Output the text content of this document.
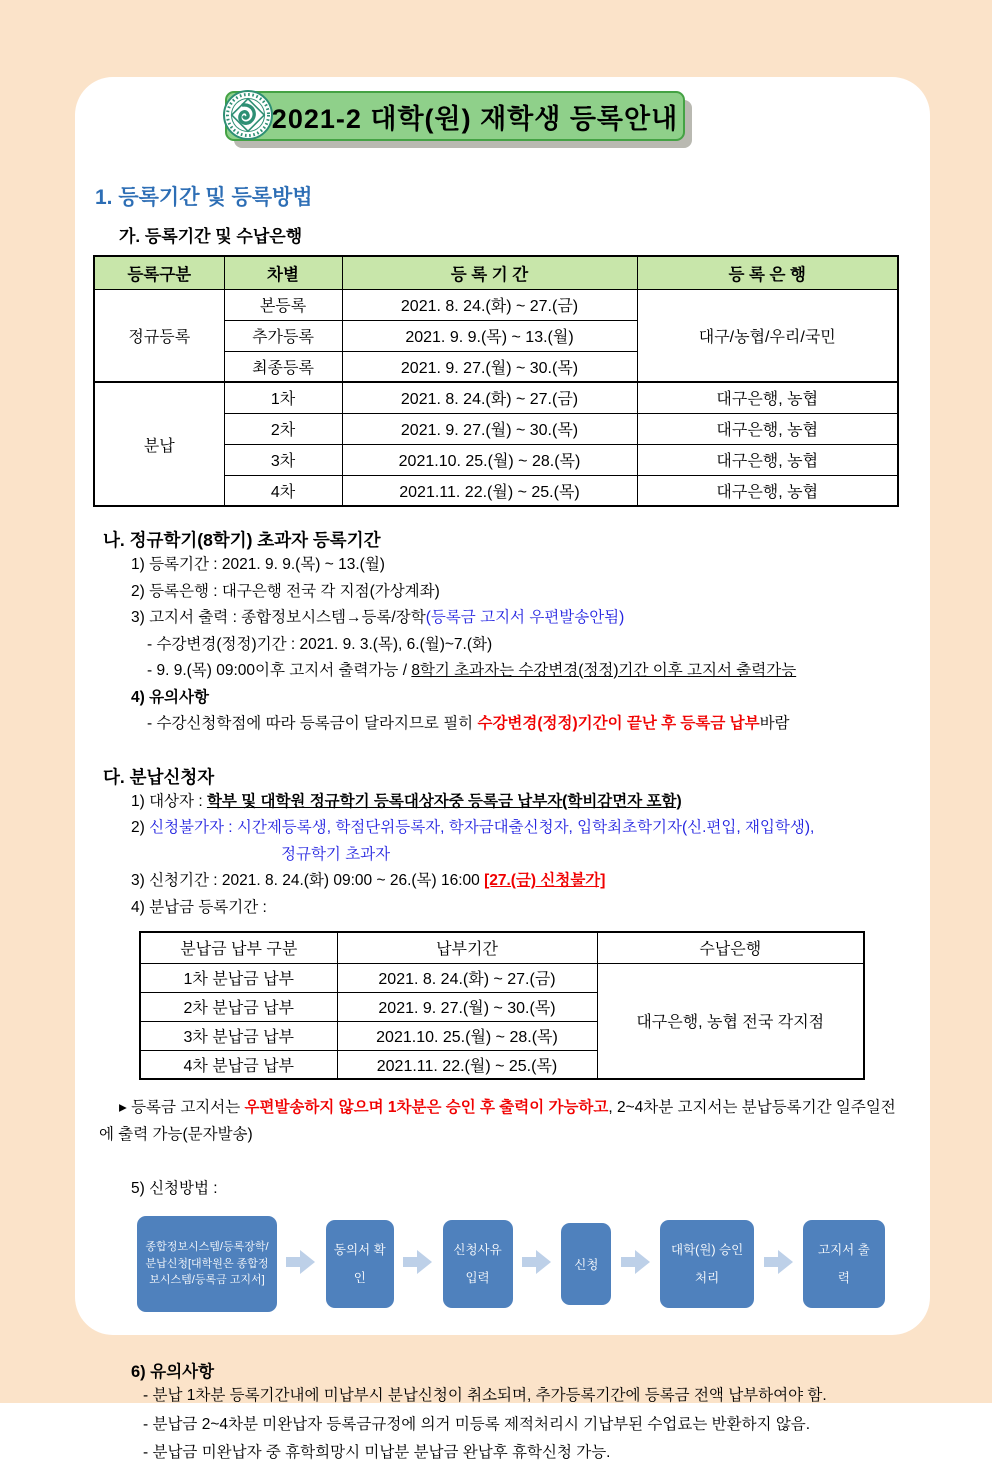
2021-2 대학(원) 재학생 등록안내
1. 등록기간 및 등록방법
가. 등록기간 및 수납은행
등록구분	차별	등 록 기 간	등 록 은 행
정규등록	본등록	2021. 8. 24.(화) ~ 27.(금)	대구/농협/우리/국민
	추가등록	2021. 9. 9.(목) ~ 13.(월)	
	최종등록	2021. 9. 27.(월) ~ 30.(목)	
분납	1차	2021. 8. 24.(화) ~ 27.(금)	대구은행, 농협
	2차	2021. 9. 27.(월) ~ 30.(목)	대구은행, 농협
	3차	2021.10. 25.(월) ~ 28.(목)	대구은행, 농협
	4차	2021.11. 22.(월) ~ 25.(목)	대구은행, 농협
나. 정규학기(8학기) 초과자 등록기간
1) 등록기간 : 2021. 9. 9.(목) ~ 13.(월)
2) 등록은행 : 대구은행 전국 각 지점(가상계좌)
3) 고지서 출력 : 종합정보시스템→등록/장학(등록금 고지서 우편발송안됨)
- 수강변경(정정)기간 : 2021. 9. 3.(목), 6.(월)~7.(화)
- 9. 9.(목) 09:00이후 고지서 출력가능 / 8학기 초과자는 수강변경(정정)기간 이후 고지서 출력가능
4) 유의사항
- 수강신청학점에 따라 등록금이 달라지므로 필히 수강변경(정정)기간이 끝난 후 등록금 납부바람
다. 분납신청자
1) 대상자 : 학부 및 대학원 정규학기 등록대상자중 등록금 납부자(학비감면자 포함)
2) 신청불가자 : 시간제등록생, 학점단위등록자, 학자금대출신청자, 입학최초학기자(신.편입, 재입학생),
정규학기 초과자
3) 신청기간 : 2021. 8. 24.(화) 09:00 ~ 26.(목) 16:00 [27.(금) 신청불가]
4) 분납금 등록기간 :
분납금 납부 구분	납부기간	수납은행
1차 분납금 납부	2021. 8. 24.(화) ~ 27.(금)	대구은행, 농협 전국 각지점
2차 분납금 납부	2021. 9. 27.(월) ~ 30.(목)	
3차 분납금 납부	2021.10. 25.(월) ~ 28.(목)	
4차 분납금 납부	2021.11. 22.(월) ~ 25.(목)	
▸ 등록금 고지서는 우편발송하지 않으며 1차분은 승인 후 출력이 가능하고, 2~4차분 고지서는 분납등록기간 일주일전에 출력 가능(문자발송)
5) 신청방법 :
종합정보시스템/등록장학/분납신청[대학원은 종합정보시스템/등록금 고지서]
동의서 확인
신청사유 입력
신청
대학(원) 승인처리
고지서 출력
6) 유의사항
- 분납 1차분 등록기간내에 미납부시 분납신청이 취소되며, 추가등록기간에 등록금 전액 납부하여야 함.
- 분납금 2~4차분 미완납자 등록금규정에 의거 미등록 제적처리시 기납부된 수업료는 반환하지 않음.
- 분납금 미완납자 중 휴학희망시 미납분 분납금 완납후 휴학신청 가능.
